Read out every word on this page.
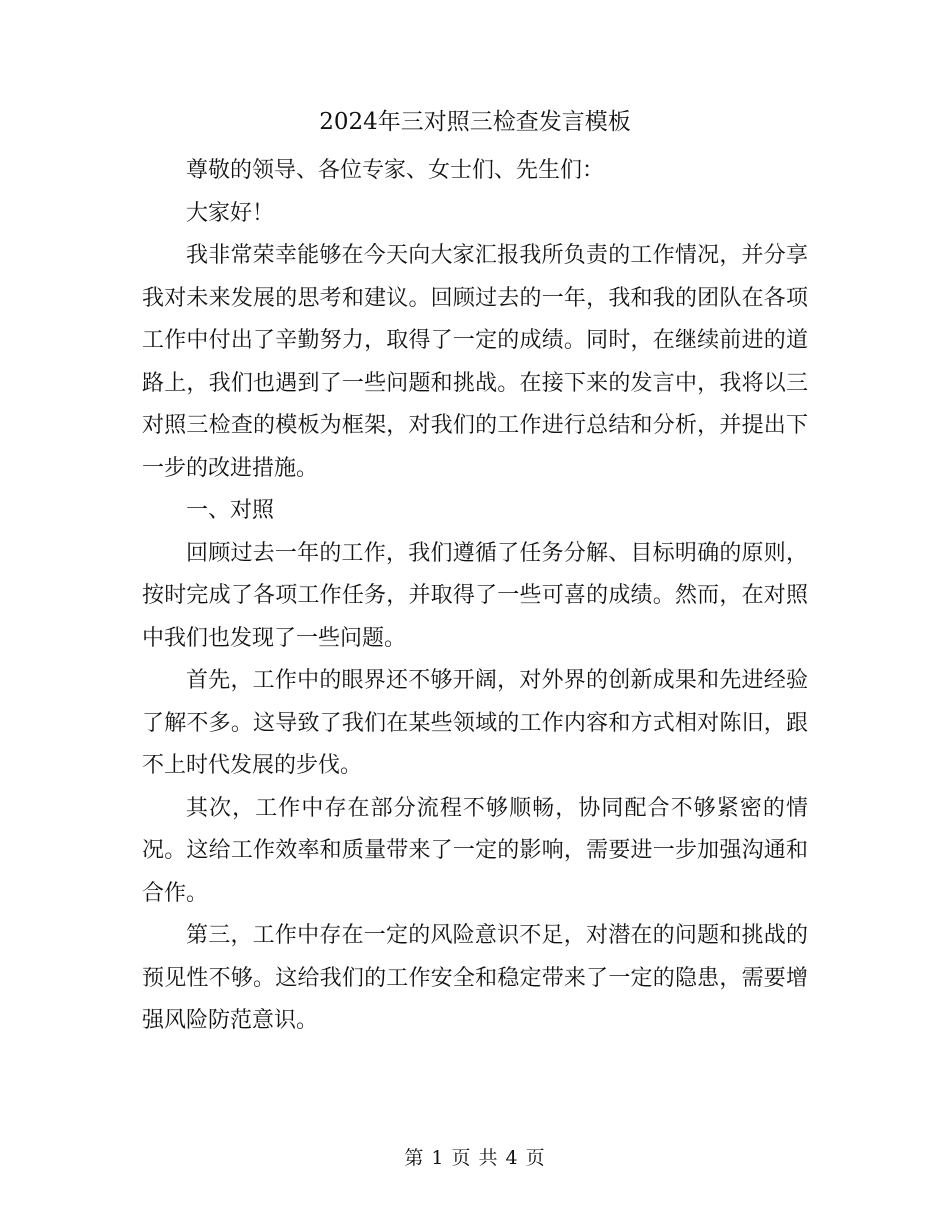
2024年三对照三检查发言模板

尊敬的领导、各位专家、女士们、先生们：

大家好！

我非常荣幸能够在今天向大家汇报我所负责的工作情况，并分享我对未来发展的思考和建议。回顾过去的一年，我和我的团队在各项工作中付出了辛勤努力，取得了一定的成绩。同时，在继续前进的道路上，我们也遇到了一些问题和挑战。在接下来的发言中，我将以三对照三检查的模板为框架，对我们的工作进行总结和分析，并提出下一步的改进措施。

一、对照

回顾过去一年的工作，我们遵循了任务分解、目标明确的原则，按时完成了各项工作任务，并取得了一些可喜的成绩。然而，在对照中我们也发现了一些问题。

首先，工作中的眼界还不够开阔，对外界的创新成果和先进经验了解不多。这导致了我们在某些领域的工作内容和方式相对陈旧，跟不上时代发展的步伐。

其次，工作中存在部分流程不够顺畅，协同配合不够紧密的情况。这给工作效率和质量带来了一定的影响，需要进一步加强沟通和合作。

第三，工作中存在一定的风险意识不足，对潜在的问题和挑战的预见性不够。这给我们的工作安全和稳定带来了一定的隐患，需要增强风险防范意识。

第 1 页 共 4 页
